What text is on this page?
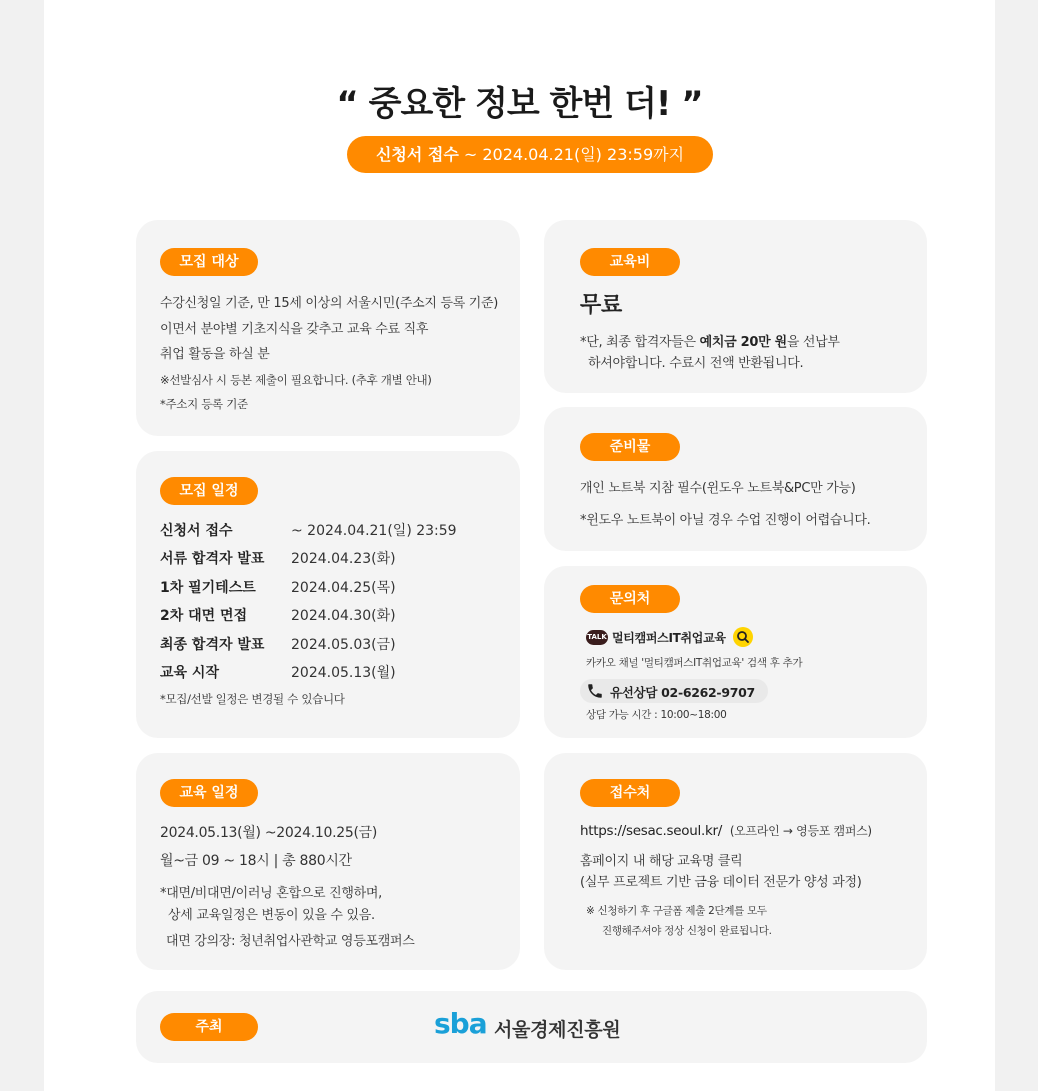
“ 중요한 정보 한번 더! ”
신청서 접수 ~ 2024.04.21(일) 23:59까지
모집 대상
수강신청일 기준, 만 15세 이상의 서울시민(주소지 등록 기준)
이면서 분야별 기초지식을 갖추고 교육 수료 직후
취업 활동을 하실 분
※선발심사 시 등본 제출이 필요합니다. (추후 개별 안내)
*주소지 등록 기준
모집 일정
신청서 접수	~ 2024.04.21(일) 23:59
서류 합격자 발표 2024.04.23(화)
1차 필기테스트	2024.04.25(목)
2차 대면 면접	2024.04.30(화)
최종 합격자 발표 2024.05.03(금)
교육 시작	2024.05.13(월)
*모집/선발 일정은 변경될 수 있습니다
교육 일정
2024.05.13(월) ~2024.10.25(금)
월~금 09 ~ 18시 | 총 880시간
*대면/비대면/이러닝 혼합으로 진행하며,
상세 교육일정은 변동이 있을 수 있음.
대면 강의장: 청년취업사관학교 영등포캠퍼스
교육비
무료
*단, 최종 합격자들은 예치금 20만 원을 선납부
하셔야합니다. 수료시 전액 반환됩니다.
준비물
개인 노트북 지참 필수(윈도우 노트북&PC만 가능)
*윈도우 노트북이 아닐 경우 수업 진행이 어렵습니다.
문의처
TALK 멀티캠퍼스IT취업교육
카카오 채널 '멀티캠퍼스IT취업교육' 검색 후 추가
유선상담 02-6262-9707
상담 가능 시간 : 10:00~18:00
접수처
https://sesac.seoul.kr/ (오프라인 → 영등포 캠퍼스)
홈페이지 내 해당 교육명 클릭
(실무 프로젝트 기반 금융 데이터 전문가 양성 과정)
※ 신청하기 후 구글폼 제출 2단계를 모두
진행해주셔야 정상 신청이 완료됩니다.
주최	sba 서울경제진흥원
